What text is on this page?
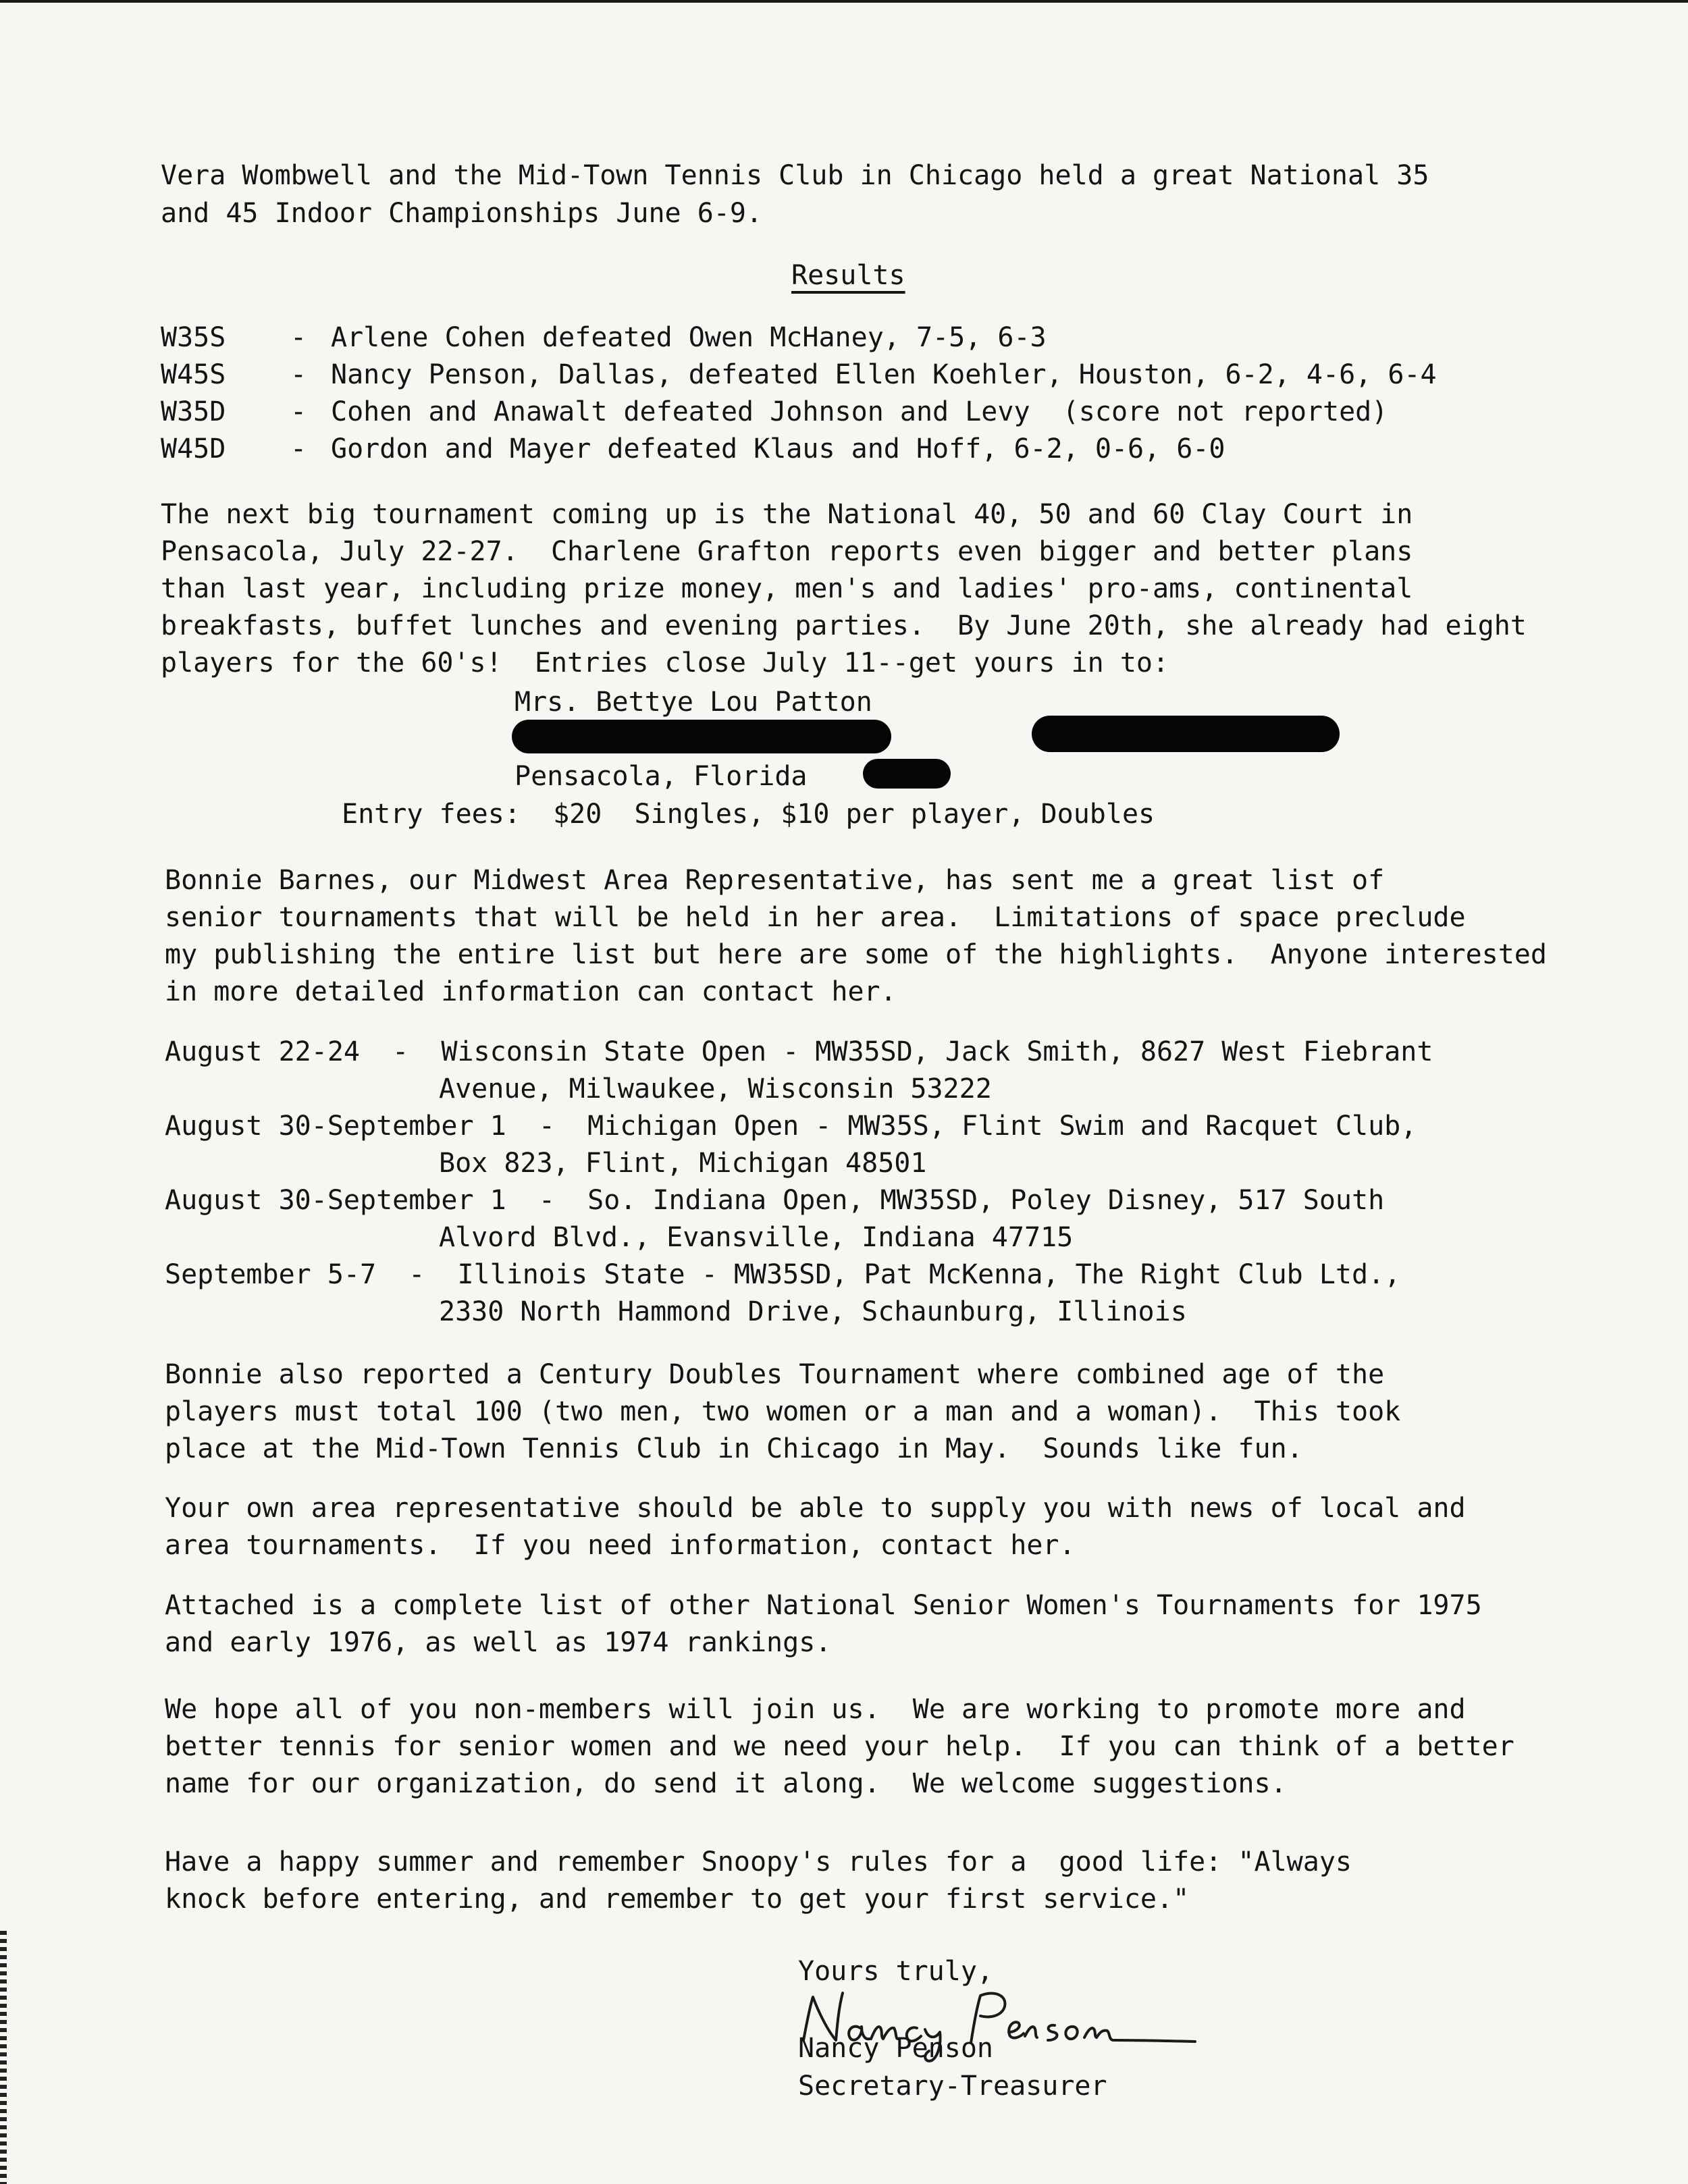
Vera Wombwell and the Mid-Town Tennis Club in Chicago held a great National 35
and 45 Indoor Championships June 6-9.
Results
W35S - Arlene Cohen defeated Owen McHaney, 7-5, 6-3
W45S - Nancy Penson, Dallas, defeated Ellen Koehler, Houston, 6-2, 4-6, 6-4
W35D - Cohen and Anawalt defeated Johnson and Levy  (score not reported)
W45D - Gordon and Mayer defeated Klaus and Hoff, 6-2, 0-6, 6-0
The next big tournament coming up is the National 40, 50 and 60 Clay Court in
Pensacola, July 22-27.  Charlene Grafton reports even bigger and better plans
than last year, including prize money, men's and ladies' pro-ams, continental
breakfasts, buffet lunches and evening parties.  By June 20th, she already had eight
players for the 60's!  Entries close July 11--get yours in to:
Mrs. Bettye Lou Patton
Pensacola, Florida
Entry fees:  $20  Singles, $10 per player, Doubles
Bonnie Barnes, our Midwest Area Representative, has sent me a great list of
senior tournaments that will be held in her area.  Limitations of space preclude
my publishing the entire list but here are some of the highlights.  Anyone interested
in more detailed information can contact her.
August 22-24  -  Wisconsin State Open - MW35SD, Jack Smith, 8627 West Fiebrant
Avenue, Milwaukee, Wisconsin 53222
August 30-September 1  -  Michigan Open - MW35S, Flint Swim and Racquet Club,
Box 823, Flint, Michigan 48501
August 30-September 1  -  So. Indiana Open, MW35SD, Poley Disney, 517 South
Alvord Blvd., Evansville, Indiana 47715
September 5-7  -  Illinois State - MW35SD, Pat McKenna, The Right Club Ltd.,
2330 North Hammond Drive, Schaunburg, Illinois
Bonnie also reported a Century Doubles Tournament where combined age of the
players must total 100 (two men, two women or a man and a woman).  This took
place at the Mid-Town Tennis Club in Chicago in May.  Sounds like fun.
Your own area representative should be able to supply you with news of local and
area tournaments.  If you need information, contact her.
Attached is a complete list of other National Senior Women's Tournaments for 1975
and early 1976, as well as 1974 rankings.
We hope all of you non-members will join us.  We are working to promote more and
better tennis for senior women and we need your help.  If you can think of a better
name for our organization, do send it along.  We welcome suggestions.
Have a happy summer and remember Snoopy's rules for a  good life: "Always
knock before entering, and remember to get your first service."
Yours truly,
Nancy Penson
Secretary-Treasurer
